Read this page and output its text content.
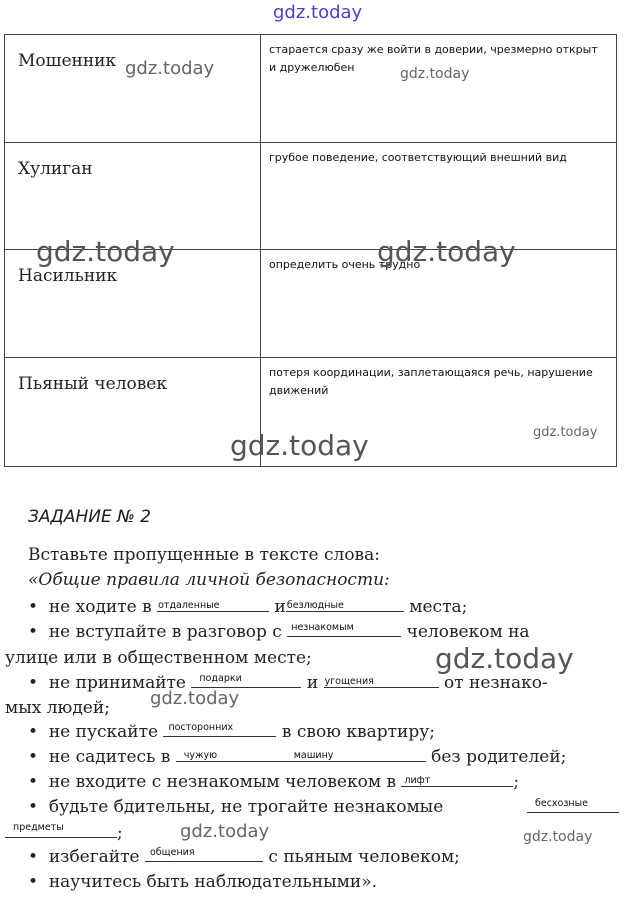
gdz.today
Мошенник	старается сразу же войти в доверии, чрезмерно открыт и дружелюбен

Хулиган	грубое поведение, соответствующий внешний вид

Насильник	определить очень трудно

Пьяный человек	потеря координации, заплетающаяся речь, нарушение движений
gdz.today	gdz.today
gdz.today	gdz.today
gdz.today
gdz.today
ЗАДАНИЕ № 2
Вставьте пропущенные в тексте слова:
«Общие правила личной безопасности:
• не ходите в отдаленные	и безлюдные	места;
• не вступайте в разговор с незнакомым	человеком на
улице или в общественном месте;	gdz.today
• не принимайте подарки	и угощения	от незнако-
мых людей; gdz.today
• не пускайте посторонних	в свою квартиру;
• не садитесь в чужую	машину	без родителей;
• не входите с незнакомым человеком в лифт	;
• будьте бдительны, не трогайте незнакомые	бесхозные
предметы	;	gdz.today	gdz.today
• избегайте общения	с пьяным человеком;
• научитесь быть наблюдательными».
